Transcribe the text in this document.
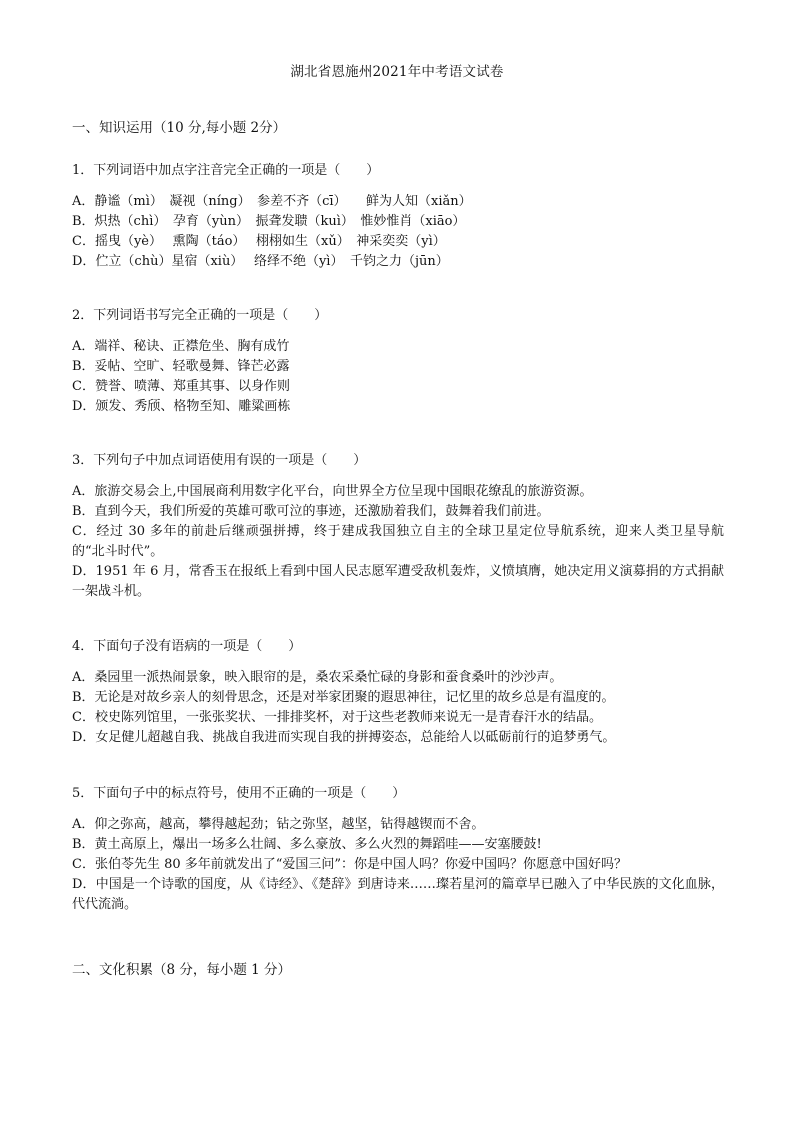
湖北省恩施州2021年中考语文试卷
一、知识运用（10 分,每小题 2分）
1．下列词语中加点字注音完全正确的一项是（　　）
A．静谧（mì）　凝视（níng）　参差不齐（cī）　　鲜为人知（xiǎn）
B．炽热（chì）　孕育（yùn）　振聋发聩（kuì）　惟妙惟肖（xiāo）
C．摇曳（yè）　 熏陶（táo）　 栩栩如生（xǔ）　神采奕奕（yì）
D．伫立（chù）星宿（xiù）　 络绎不绝（yì）　千钧之力（jūn）
2．下列词语书写完全正确的一项是（　　）
A．端祥、秘诀、正襟危坐、胸有成竹
B．妥帖、空旷、轻歌曼舞、锋芒必露
C．赞誉、喷薄、郑重其事、以身作则
D．颁发、秀颀、格物至知、雕粱画栋
3．下列句子中加点词语使用有误的一项是（　　）
A．旅游交易会上,中国展商利用数字化平台，向世界全方位呈现中国眼花缭乱的旅游资源。
B．直到今天，我们所爱的英雄可歌可泣的事迹，还激励着我们，鼓舞着我们前进。
C．经过 30 多年的前赴后继顽强拼搏，终于建成我国独立自主的全球卫星定位导航系统，迎来人类卫星导航的“北斗时代”。
D．1951 年 6 月，常香玉在报纸上看到中国人民志愿军遭受敌机轰炸，义愤填膺，她决定用义演募捐的方式捐献一架战斗机。
4．下面句子没有语病的一项是（　　）
A．桑园里一派热闹景象，映入眼帘的是，桑农采桑忙碌的身影和蚕食桑叶的沙沙声。
B．无论是对故乡亲人的刻骨思念，还是对举家团聚的遐思神往，记忆里的故乡总是有温度的。
C．校史陈列馆里，一张张奖状、一排排奖杯，对于这些老教师来说无一是青春汗水的结晶。
D．女足健儿超越自我、挑战自我进而实现自我的拼搏姿态，总能给人以砥砺前行的追梦勇气。
5．下面句子中的标点符号，使用不正确的一项是（　　）
A．仰之弥高，越高，攀得越起劲；钻之弥坚，越坚，钻得越锲而不舍。
B．黄土高原上，爆出一场多么壮阔、多么豪放、多么火烈的舞蹈哇——安塞腰鼓!
C．张伯苓先生 80 多年前就发出了“爱国三问”：你是中国人吗？你爱中国吗？你愿意中国好吗？
D．中国是一个诗歌的国度，从《诗经》、《楚辞》到唐诗来……璨若星河的篇章早已融入了中华民族的文化血脉，代代流淌。
二、文化积累（8 分，每小题 1 分）
